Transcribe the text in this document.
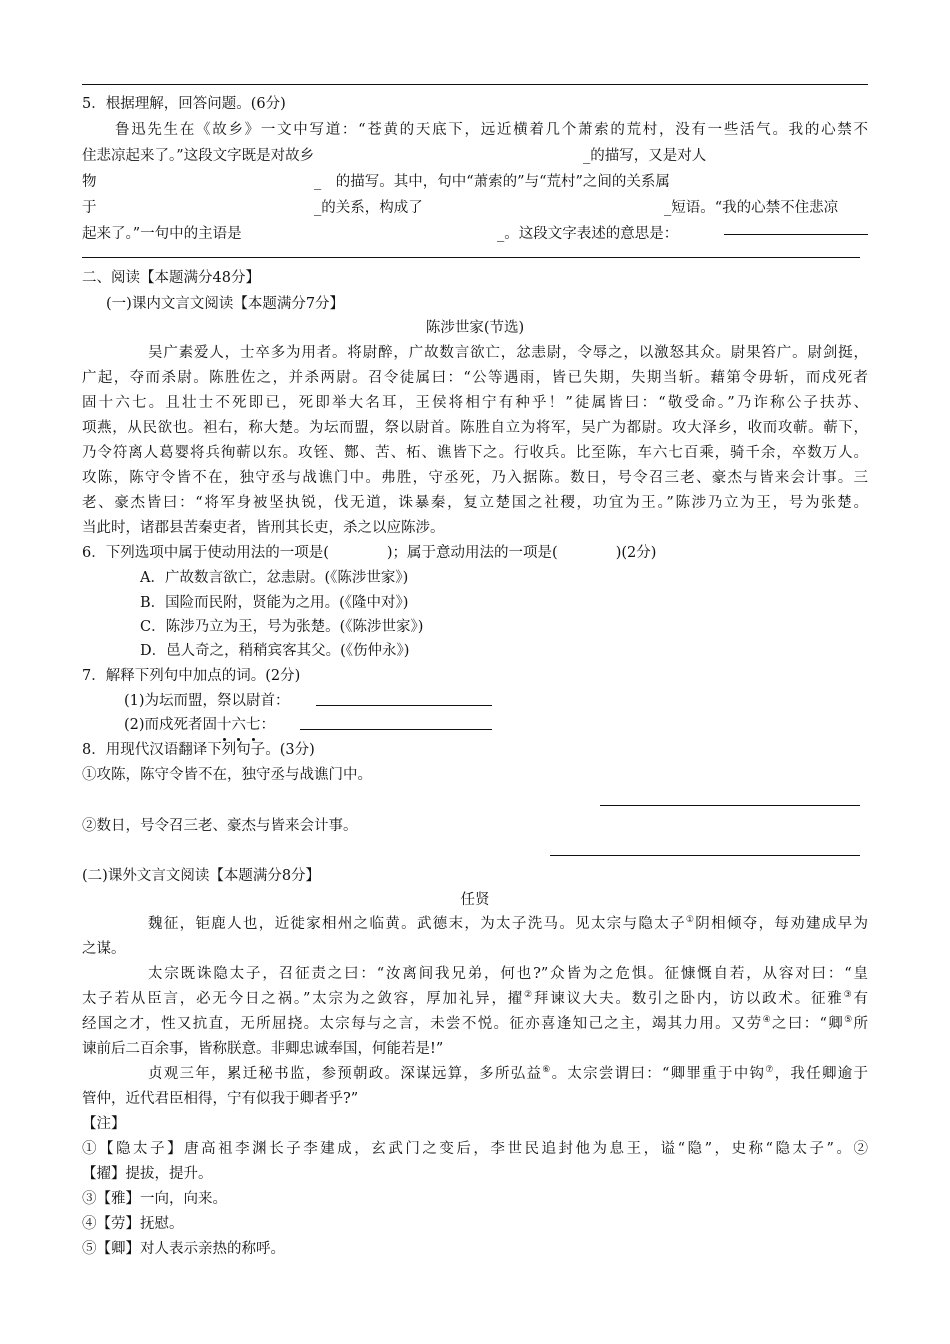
5．根据理解，回答问题。(6分)
鲁迅先生在《故乡》一文中写道：“苍黄的天底下，远近横着几个萧索的荒村，没有一些活气。我的心禁不
住悲凉起来了。”这段文字既是对故乡	_的描写，又是对人
物	_　的描写。其中，句中“萧索的”与“荒村”之间的关系属
于	_的关系，构成了	_短语。“我的心禁不住悲凉
起来了。”一句中的主语是	_。这段文字表述的意思是：
二、阅读【本题满分48分】
(一)课内文言文阅读【本题满分7分】
陈涉世家(节选)
吴广素爱人，士卒多为用者。将尉醉，广故数言欲亡，忿恚尉，令辱之，以激怒其众。尉果笞广。尉剑挺，
广起，夺而杀尉。陈胜佐之，并杀两尉。召令徒属曰：“公等遇雨，皆已失期，失期当斩。藉第令毋斩，而戍死者
固十六七。且壮士不死即已，死即举大名耳，王侯将相宁有种乎！”徒属皆曰：“敬受命。”乃诈称公子扶苏、
项燕，从民欲也。袒右，称大楚。为坛而盟，祭以尉首。陈胜自立为将军，吴广为都尉。攻大泽乡，收而攻蕲。蕲下，
乃令符离人葛婴将兵徇蕲以东。攻铚、酂、苦、柘、谯皆下之。行收兵。比至陈，车六七百乘，骑千余，卒数万人。
攻陈，陈守令皆不在，独守丞与战谯门中。弗胜，守丞死，乃入据陈。数日，号令召三老、豪杰与皆来会计事。三
老、豪杰皆曰：“将军身被坚执锐，伐无道，诛暴秦，复立楚国之社稷，功宜为王。”陈涉乃立为王，号为张楚。
当此时，诸郡县苦秦吏者，皆刑其长吏，杀之以应陈涉。
6．下列选项中属于使动用法的一项是(　　　　)；属于意动用法的一项是(　　　　)(2分)
A．广故数言欲亡，忿恚尉。(《陈涉世家》)
B．国险而民附，贤能为之用。(《隆中对》)
C．陈涉乃立为王，号为张楚。(《陈涉世家》)
D．邑人奇之，稍稍宾客其父。(《伤仲永》)
7．解释下列句中加点的词。(2分)
(1)为坛而盟，祭以尉首：
(2)而戍死者固十六七：
8．用现代汉语翻译下列句子。(3分)
①攻陈，陈守令皆不在，独守丞与战谯门中。
②数日，号令召三老、豪杰与皆来会计事。
(二)课外文言文阅读【本题满分8分】
任贤
魏征，钜鹿人也，近徙家相州之临黄。武德末，为太子洗马。见太宗与隐太子①阴相倾夺，每劝建成早为
之谋。
太宗既诛隐太子，召征责之曰：“汝离间我兄弟，何也?”众皆为之危惧。征慷慨自若，从容对曰：“皇
太子若从臣言，必无今日之祸。”太宗为之敛容，厚加礼异，擢②拜谏议大夫。数引之卧内，访以政术。征雅③有
经国之才，性又抗直，无所屈挠。太宗每与之言，未尝不悦。征亦喜逢知己之主，竭其力用。又劳④之曰：“卿⑤所
谏前后二百余事，皆称朕意。非卿忠诚奉国，何能若是!”
贞观三年，累迁秘书监，参预朝政。深谋远算，多所弘益⑥。太宗尝谓曰：“卿罪重于中钩⑦，我任卿逾于
管仲，近代君臣相得，宁有似我于卿者乎?”
【注】
①【隐太子】唐高祖李渊长子李建成，玄武门之变后，李世民追封他为息王，谥“隐”，史称“隐太子”。②
【擢】提拔，提升。
③【雅】一向，向来。
④【劳】抚慰。
⑤【卿】对人表示亲热的称呼。
